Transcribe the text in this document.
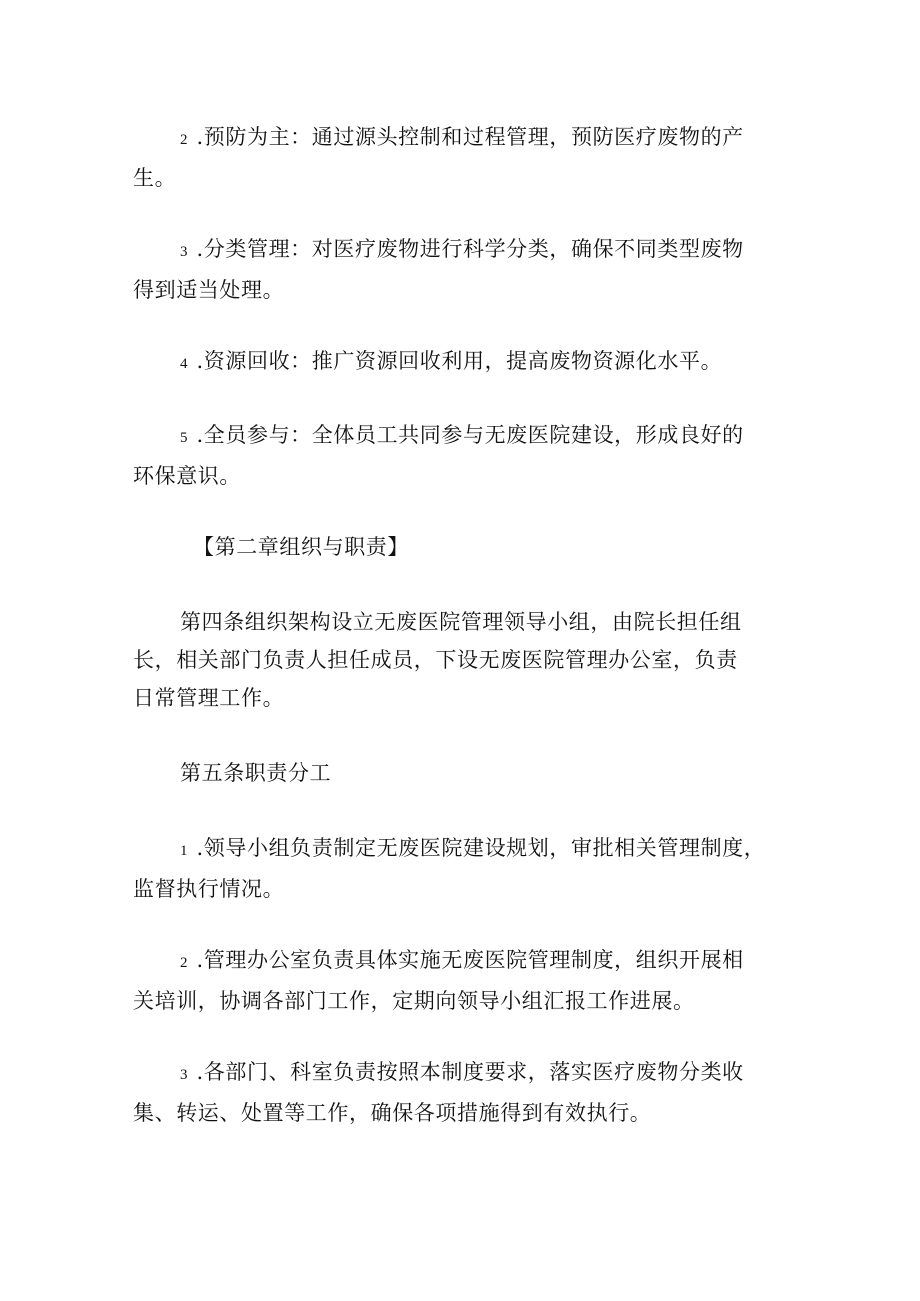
2 .预防为主：通过源头控制和过程管理，预防医疗废物的产
生。
3 .分类管理：对医疗废物进行科学分类，确保不同类型废物
得到适当处理。
4 .资源回收：推广资源回收利用，提高废物资源化水平。
5 .全员参与：全体员工共同参与无废医院建设，形成良好的
环保意识。
【第二章组织与职责】
第四条组织架构设立无废医院管理领导小组，由院长担任组
长，相关部门负责人担任成员，下设无废医院管理办公室，负责
日常管理工作。
第五条职责分工
1 .领导小组负责制定无废医院建设规划，审批相关管理制度，
监督执行情况。
2 .管理办公室负责具体实施无废医院管理制度，组织开展相
关培训，协调各部门工作，定期向领导小组汇报工作进展。
3 .各部门、科室负责按照本制度要求，落实医疗废物分类收
集、转运、处置等工作，确保各项措施得到有效执行。
